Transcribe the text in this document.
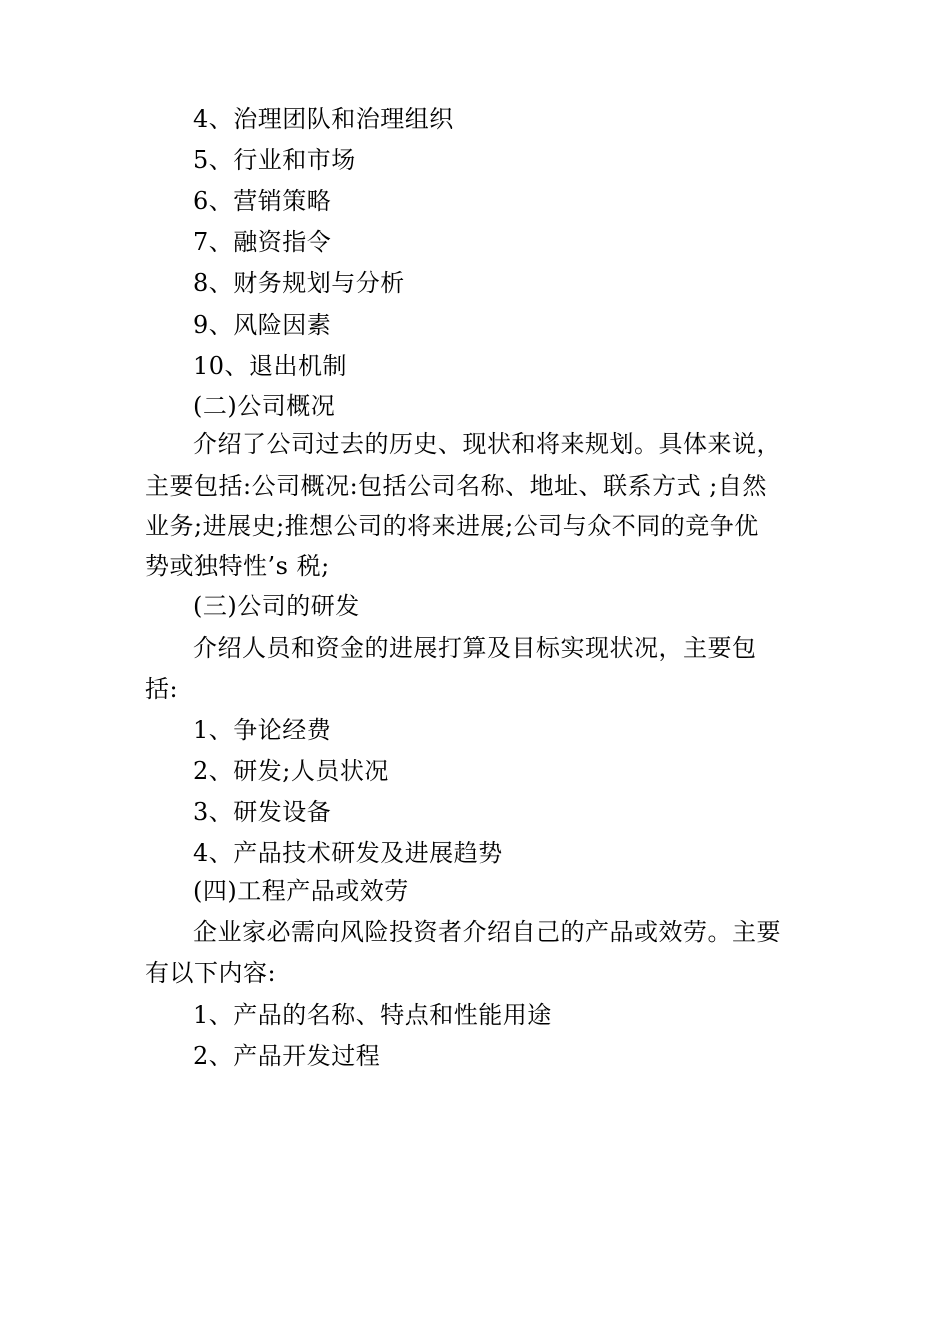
4、治理团队和治理组织
5、行业和市场
6、营销策略
7、融资指令
8、财务规划与分析
9、风险因素
10、退出机制
(二)公司概况
介绍了公司过去的历史、现状和将来规划。具体来说，
主要包括:公司概况:包括公司名称、地址、联系方式 ;自然
业务;进展史;推想公司的将来进展;公司与众不同的竞争优
势或独特性’s 税;
(三)公司的研发
介绍人员和资金的进展打算及目标实现状况，主要包
括:
1、争论经费
2、研发;人员状况
3、研发设备
4、产品技术研发及进展趋势
(四)工程产品或效劳
企业家必需向风险投资者介绍自己的产品或效劳。主要
有以下内容:
1、产品的名称、特点和性能用途
2、产品开发过程
